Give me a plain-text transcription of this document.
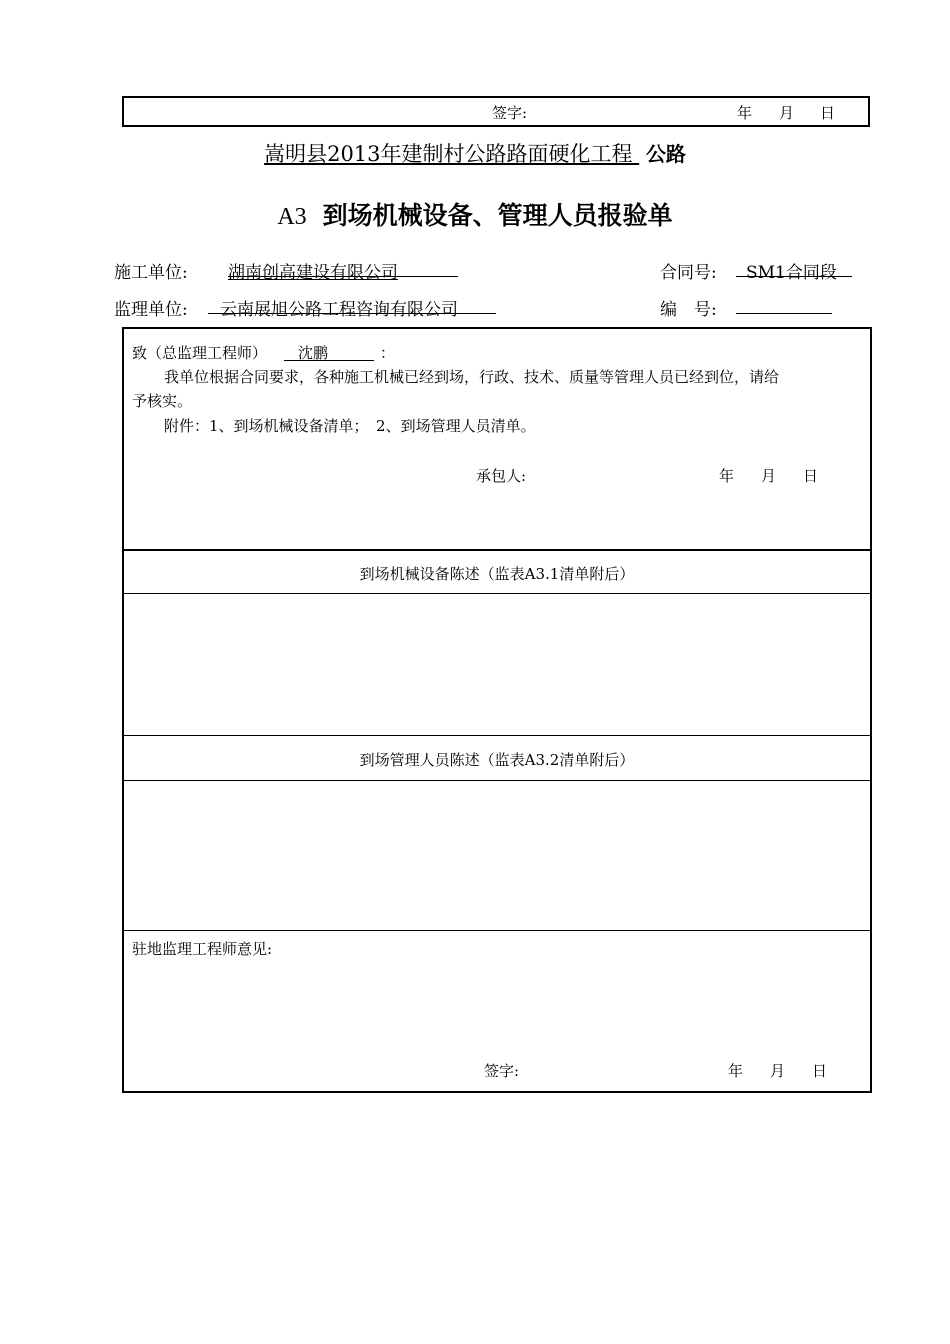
签字:	年 月 日
嵩明县2013年建制村公路路面硬化工程 公路
A3 到场机械设备、管理人员报验单
施工单位: 湖南创高建设有限公司	合同号: SM1合同段
监理单位: 云南展旭公路工程咨询有限公司	编　号:
致（总监理工程师） 沈鹏	：
我单位根据合同要求，各种施工机械已经到场，行政、技术、质量等管理人员已经到位，请给
予核实。
附件：1、到场机械设备清单；　2、到场管理人员清单。
承包人:	年 月 日
到场机械设备陈述（监表A3.1清单附后）
到场管理人员陈述（监表A3.2清单附后）
驻地监理工程师意见:
签字:	年 月 日
